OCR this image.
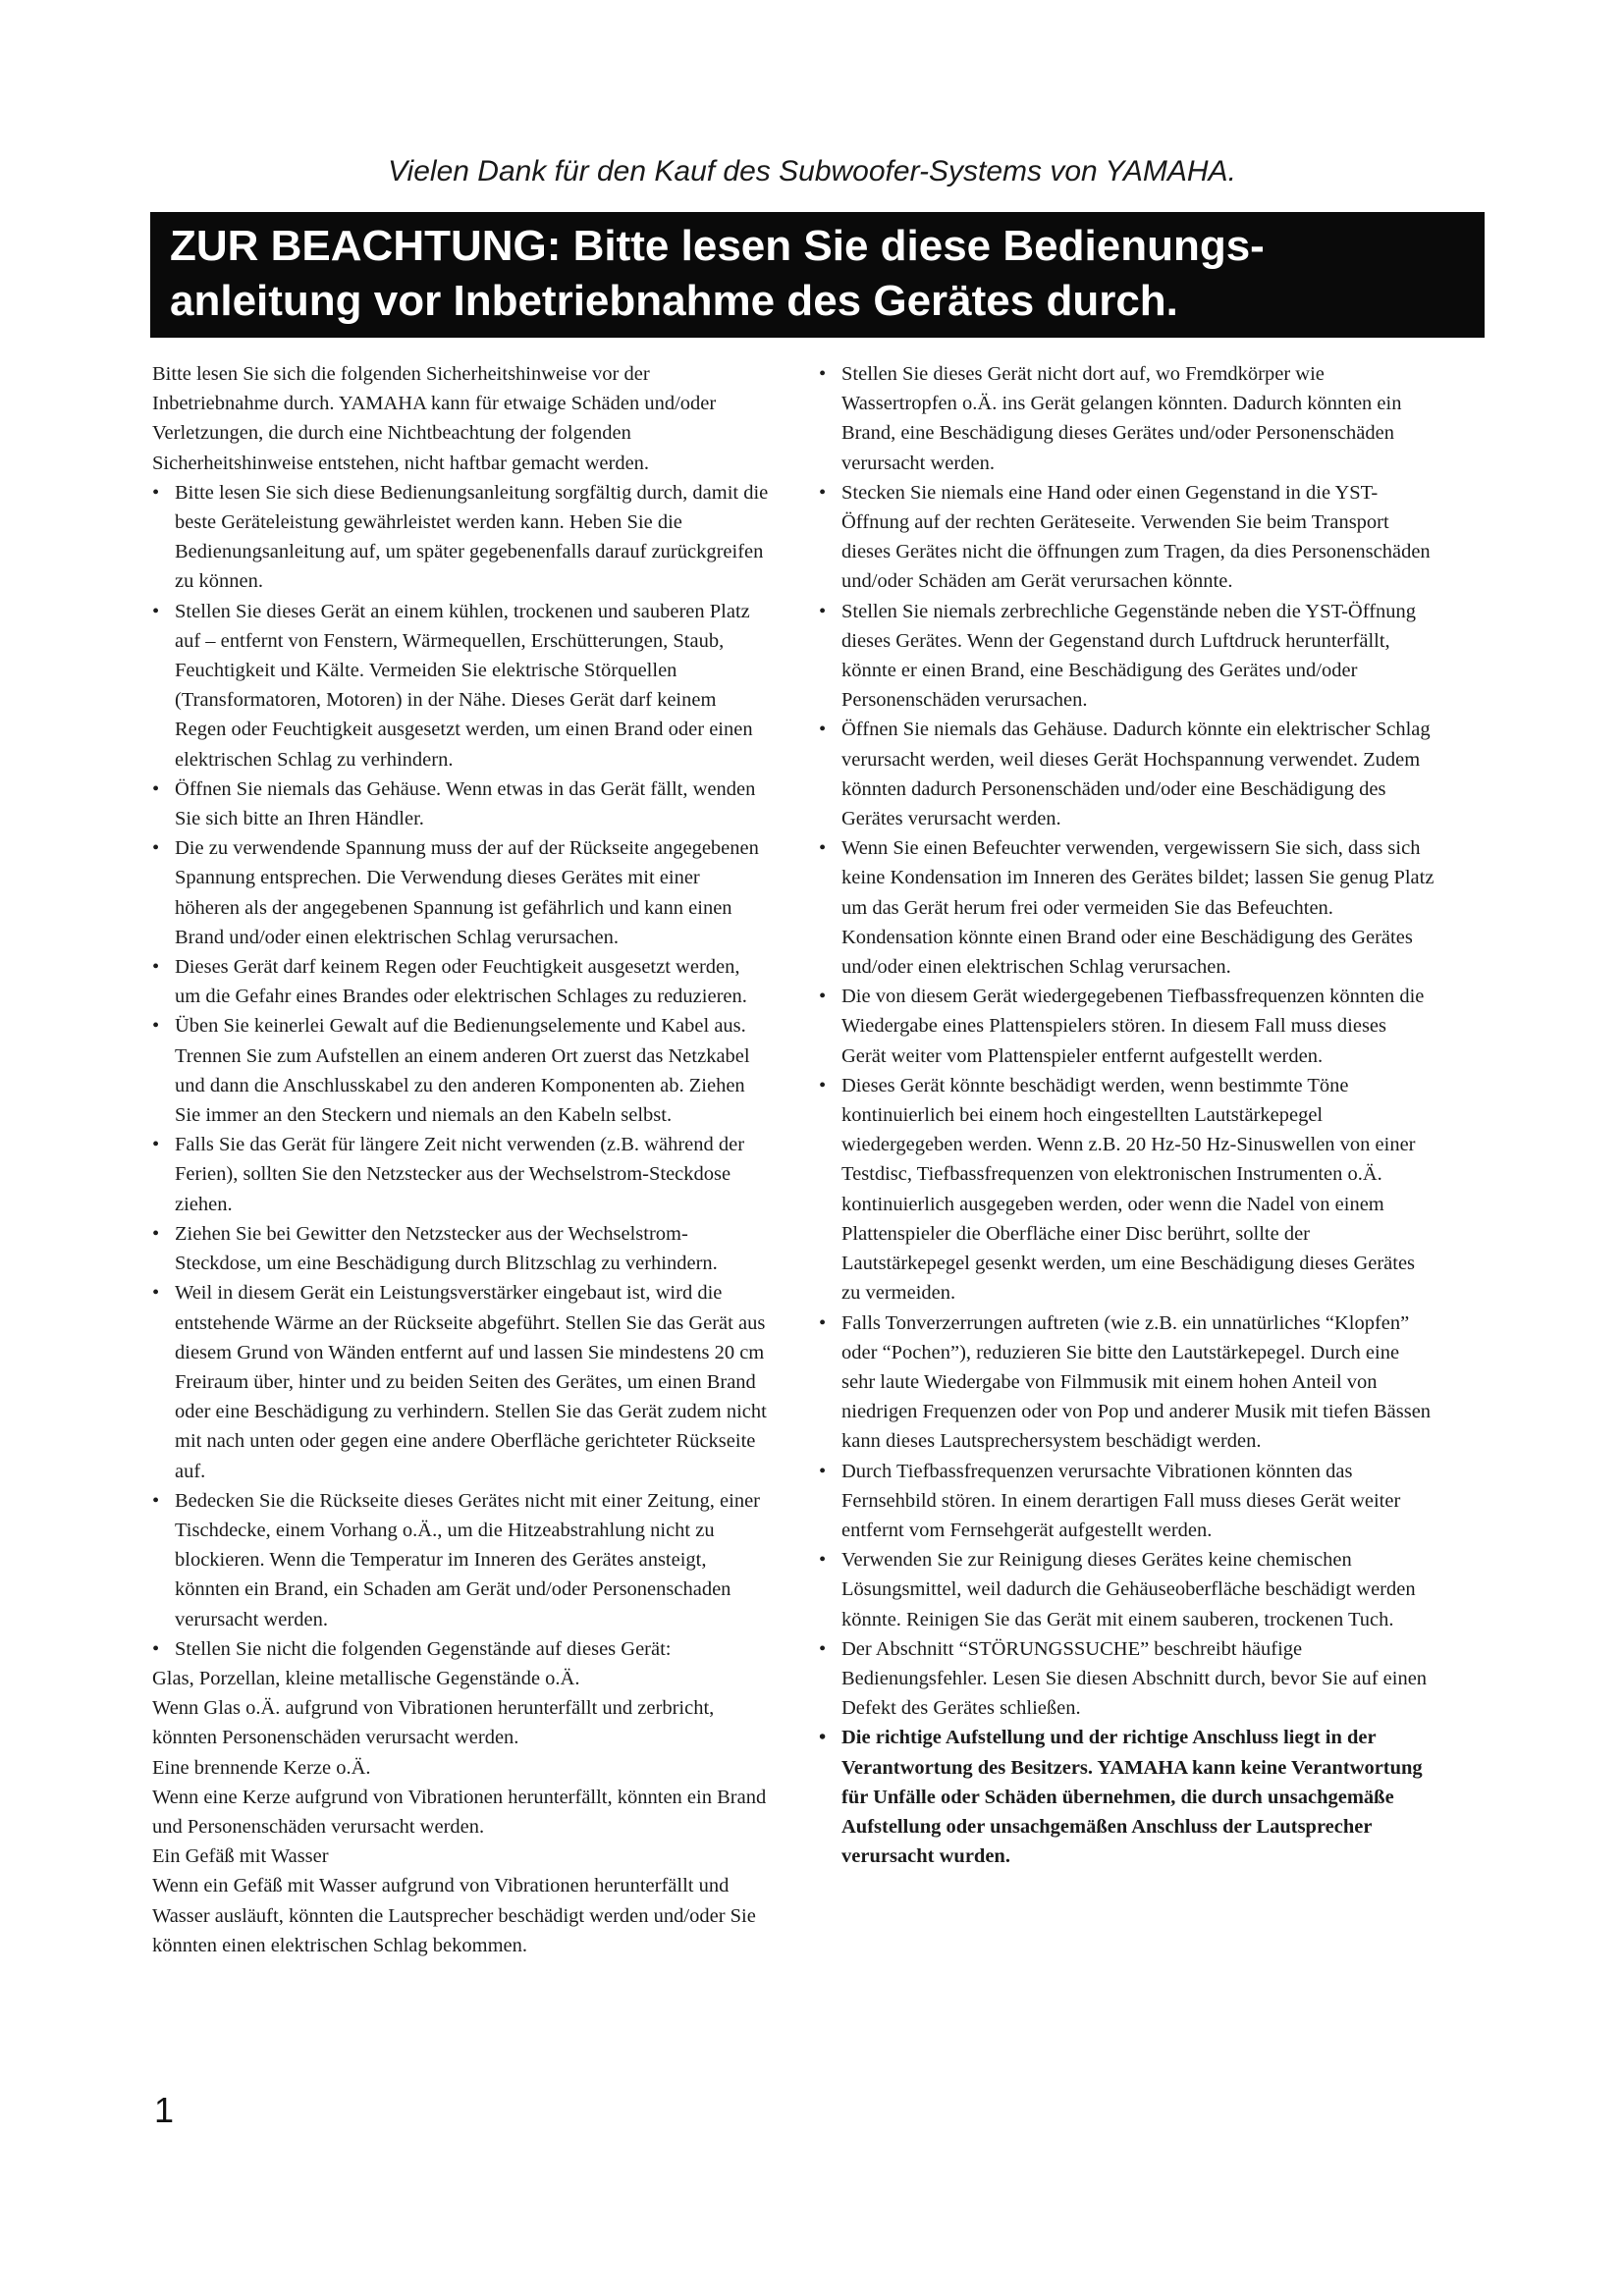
Vielen Dank für den Kauf des Subwoofer-Systems von YAMAHA.
ZUR BEACHTUNG: Bitte lesen Sie diese Bedienungs-
anleitung vor Inbetriebnahme des Gerätes durch.

Bitte lesen Sie sich die folgenden Sicherheitshinweise vor der Inbetriebnahme durch. YAMAHA kann für etwaige Schäden und/oder Verletzungen, die durch eine Nichtbeachtung der folgenden Sicherheitshinweise entstehen, nicht haftbar gemacht werden.

• Bitte lesen Sie sich diese Bedienungsanleitung sorgfältig durch, damit die beste Geräteleistung gewährleistet werden kann. Heben Sie die Bedienungsanleitung auf, um später gegebenenfalls darauf zurückgreifen zu können.

• Stellen Sie dieses Gerät an einem kühlen, trockenen und sauberen Platz auf – entfernt von Fenstern, Wärmequellen, Erschütterungen, Staub, Feuchtigkeit und Kälte. Vermeiden Sie elektrische Störquellen (Transformatoren, Motoren) in der Nähe. Dieses Gerät darf keinem Regen oder Feuchtigkeit ausgesetzt werden, um einen Brand oder einen elektrischen Schlag zu verhindern.

• Öffnen Sie niemals das Gehäuse. Wenn etwas in das Gerät fällt, wenden Sie sich bitte an Ihren Händler.

• Die zu verwendende Spannung muss der auf der Rückseite angegebenen Spannung entsprechen. Die Verwendung dieses Gerätes mit einer höheren als der angegebenen Spannung ist gefährlich und kann einen Brand und/oder einen elektrischen Schlag verursachen.

• Dieses Gerät darf keinem Regen oder Feuchtigkeit ausgesetzt werden, um die Gefahr eines Brandes oder elektrischen Schlages zu reduzieren.

• Üben Sie keinerlei Gewalt auf die Bedienungselemente und Kabel aus. Trennen Sie zum Aufstellen an einem anderen Ort zuerst das Netzkabel und dann die Anschlusskabel zu den anderen Komponenten ab. Ziehen Sie immer an den Steckern und niemals an den Kabeln selbst.

• Falls Sie das Gerät für längere Zeit nicht verwenden (z.B. während der Ferien), sollten Sie den Netzstecker aus der Wechselstrom-Steckdose ziehen.

• Ziehen Sie bei Gewitter den Netzstecker aus der Wechselstrom-Steckdose, um eine Beschädigung durch Blitzschlag zu verhindern.

• Weil in diesem Gerät ein Leistungsverstärker eingebaut ist, wird die entstehende Wärme an der Rückseite abgeführt. Stellen Sie das Gerät aus diesem Grund von Wänden entfernt auf und lassen Sie mindestens 20 cm Freiraum über, hinter und zu beiden Seiten des Gerätes, um einen Brand oder eine Beschädigung zu verhindern. Stellen Sie das Gerät zudem nicht mit nach unten oder gegen eine andere Oberfläche gerichteter Rückseite auf.

• Bedecken Sie die Rückseite dieses Gerätes nicht mit einer Zeitung, einer Tischdecke, einem Vorhang o.Ä., um die Hitzeabstrahlung nicht zu blockieren. Wenn die Temperatur im Inneren des Gerätes ansteigt, könnten ein Brand, ein Schaden am Gerät und/oder Personenschaden verursacht werden.

• Stellen Sie nicht die folgenden Gegenstände auf dieses Gerät:

Glas, Porzellan, kleine metallische Gegenstände o.Ä.

Wenn Glas o.Ä. aufgrund von Vibrationen herunterfällt und zerbricht, könnten Personenschäden verursacht werden.

Eine brennende Kerze o.Ä.

Wenn eine Kerze aufgrund von Vibrationen herunterfällt, könnten ein Brand und Personenschäden verursacht werden.

Ein Gefäß mit Wasser

Wenn ein Gefäß mit Wasser aufgrund von Vibrationen herunterfällt und Wasser ausläuft, könnten die Lautsprecher beschädigt werden und/oder Sie könnten einen elektrischen Schlag bekommen.

• Stellen Sie dieses Gerät nicht dort auf, wo Fremdkörper wie Wassertropfen o.Ä. ins Gerät gelangen könnten. Dadurch könnten ein Brand, eine Beschädigung dieses Gerätes und/oder Personenschäden verursacht werden.

• Stecken Sie niemals eine Hand oder einen Gegenstand in die YST-Öffnung auf der rechten Geräteseite. Verwenden Sie beim Transport dieses Gerätes nicht die öffnungen zum Tragen, da dies Personenschäden und/oder Schäden am Gerät verursachen könnte.

• Stellen Sie niemals zerbrechliche Gegenstände neben die YST-Öffnung dieses Gerätes. Wenn der Gegenstand durch Luftdruck herunterfällt, könnte er einen Brand, eine Beschädigung des Gerätes und/oder Personenschäden verursachen.

• Öffnen Sie niemals das Gehäuse. Dadurch könnte ein elektrischer Schlag verursacht werden, weil dieses Gerät Hochspannung verwendet. Zudem könnten dadurch Personenschäden und/oder eine Beschädigung des Gerätes verursacht werden.

• Wenn Sie einen Befeuchter verwenden, vergewissern Sie sich, dass sich keine Kondensation im Inneren des Gerätes bildet; lassen Sie genug Platz um das Gerät herum frei oder vermeiden Sie das Befeuchten. Kondensation könnte einen Brand oder eine Beschädigung des Gerätes und/oder einen elektrischen Schlag verursachen.

• Die von diesem Gerät wiedergegebenen Tiefbassfrequenzen könnten die Wiedergabe eines Plattenspielers stören. In diesem Fall muss dieses Gerät weiter vom Plattenspieler entfernt aufgestellt werden.

• Dieses Gerät könnte beschädigt werden, wenn bestimmte Töne kontinuierlich bei einem hoch eingestellten Lautstärkepegel wiedergegeben werden. Wenn z.B. 20 Hz-50 Hz-Sinuswellen von einer Testdisc, Tiefbassfrequenzen von elektronischen Instrumenten o.Ä. kontinuierlich ausgegeben werden, oder wenn die Nadel von einem Plattenspieler die Oberfläche einer Disc berührt, sollte der Lautstärkepegel gesenkt werden, um eine Beschädigung dieses Gerätes zu vermeiden.

• Falls Tonverzerrungen auftreten (wie z.B. ein unnatürliches “Klopfen” oder “Pochen”), reduzieren Sie bitte den Lautstärkepegel. Durch eine sehr laute Wiedergabe von Filmmusik mit einem hohen Anteil von niedrigen Frequenzen oder von Pop und anderer Musik mit tiefen Bässen kann dieses Lautsprechersystem beschädigt werden.

• Durch Tiefbassfrequenzen verursachte Vibrationen könnten das Fernsehbild stören. In einem derartigen Fall muss dieses Gerät weiter entfernt vom Fernsehgerät aufgestellt werden.

• Verwenden Sie zur Reinigung dieses Gerätes keine chemischen Lösungsmittel, weil dadurch die Gehäuseoberfläche beschädigt werden könnte. Reinigen Sie das Gerät mit einem sauberen, trockenen Tuch.

• Der Abschnitt “STÖRUNGSSUCHE” beschreibt häufige Bedienungsfehler. Lesen Sie diesen Abschnitt durch, bevor Sie auf einen Defekt des Gerätes schließen.

• Die richtige Aufstellung und der richtige Anschluss liegt in der Verantwortung des Besitzers. YAMAHA kann keine Verantwortung für Unfälle oder Schäden übernehmen, die durch unsachgemäße Aufstellung oder unsachgemäßen Anschluss der Lautsprecher verursacht wurden.

1
